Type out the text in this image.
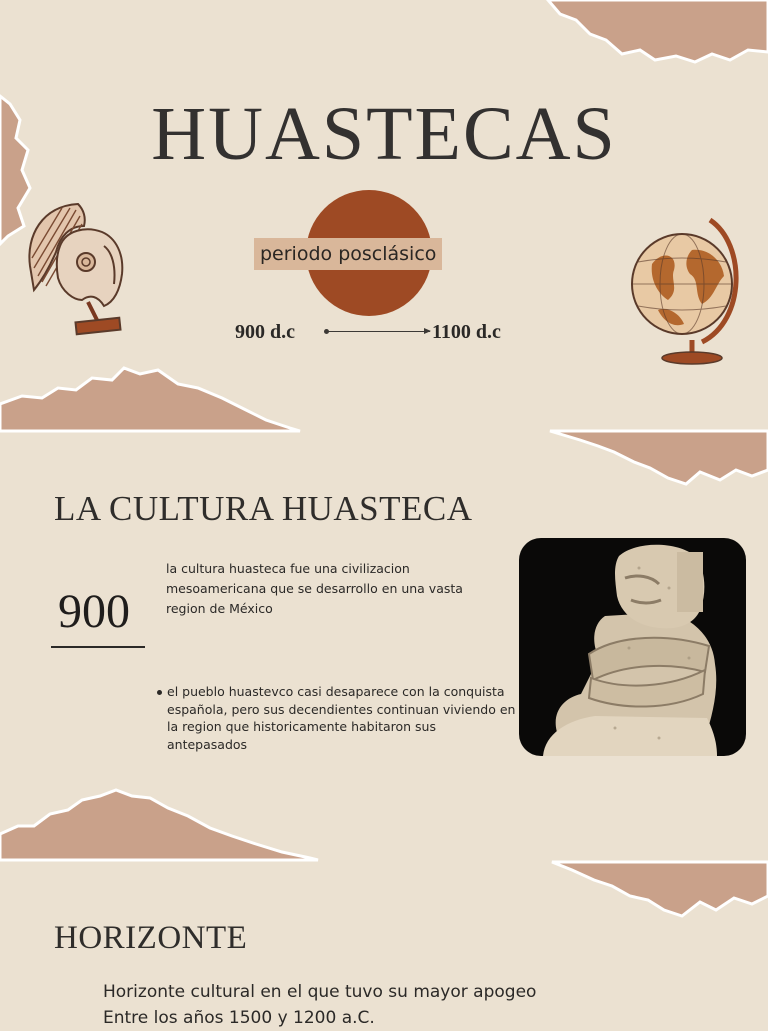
HUASTECAS
periodo posclásico
900 d.c	1100 d.c
LA CULTURA HUASTECA
la cultura huasteca fue una civilizacion
mesoamericana que se desarrollo en una vasta
region de México
900
el pueblo huastevco casi desaparece con la conquista
española, pero sus decendientes continuan viviendo en
la region que historicamente habitaron sus
antepasados
HORIZONTE
Horizonte cultural en el que tuvo su mayor apogeo
Entre los años 1500 y 1200 a.C.
